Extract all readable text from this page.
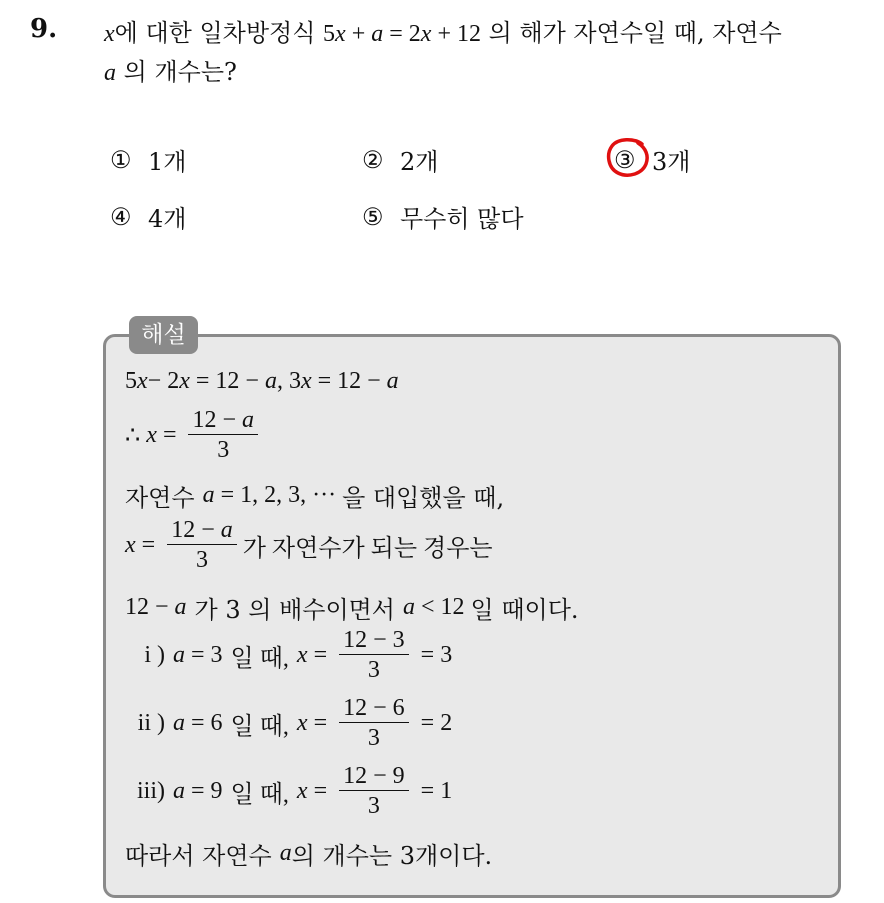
9. x에 대한 일차방정식 5x + a = 2x + 12 의 해가 자연수일 때, 자연수
a 의 개수는?
① 1개	② 2개	③ 3개
④ 4개	⑤ 무수히 많다
해설
5 x − 2 x = 12 − a , 3 x = 12 − a
∴ $x = \frac{12 - a}{3}$
자연수 a = 1, 2, 3, ··· 을 대입했을 때,
$x = \frac{12 - a}{3}$ 가 자연수가 되는 경우는
12 − a 가 3 의 배수이면서 a < 12 일 때이다.
i ) a = 3 일 때, $x = \frac{12 - 3}{3} = 3$
ii ) a = 6 일 때, $x = \frac{12 - 6}{3} = 2$
iii) a = 9 일 때, $x = \frac{12 - 9}{3} = 1$
따라서 자연수 a 의 개수는 3개이다.
